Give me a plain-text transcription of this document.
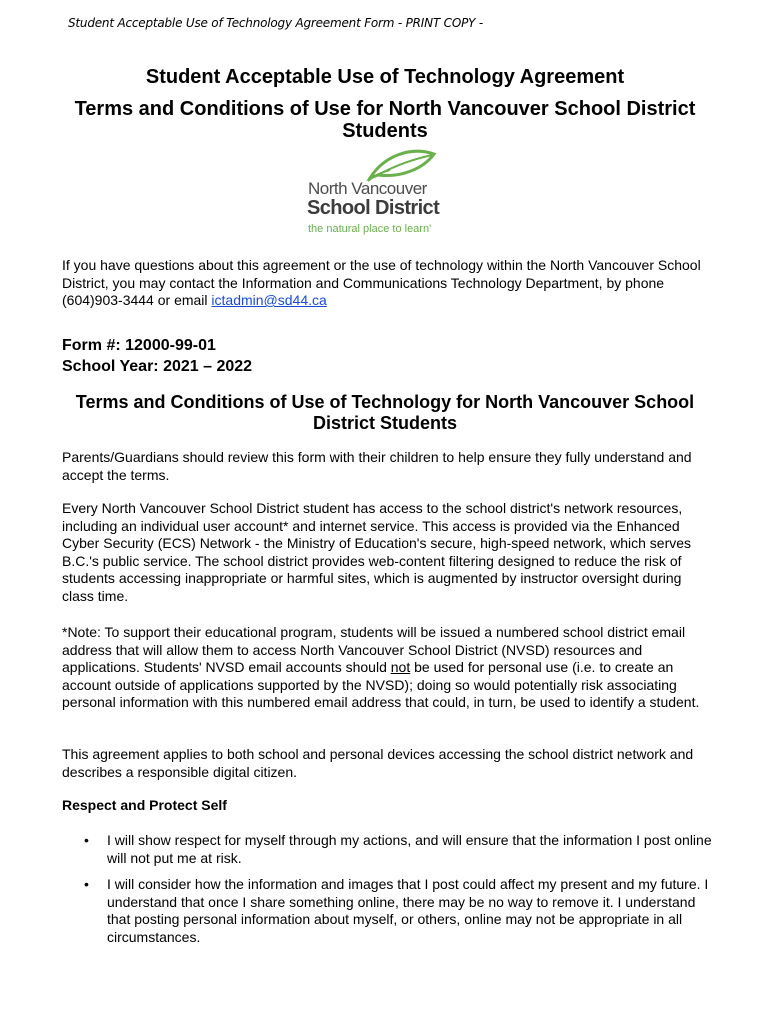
Student Acceptable Use of Technology Agreement Form - PRINT COPY -
Student Acceptable Use of Technology Agreement
Terms and Conditions of Use for North Vancouver School District Students
North Vancouver
School District
the natural place to learn'
If you have questions about this agreement or the use of technology within the North Vancouver School District, you may contact the Information and Communications Technology Department, by phone (604)903-3444 or email ictadmin@sd44.ca
Form #: 12000-99-01
School Year: 2021 – 2022
Terms and Conditions of Use of Technology for North Vancouver School District Students
Parents/Guardians should review this form with their children to help ensure they fully understand and accept the terms.
Every North Vancouver School District student has access to the school district's network resources, including an individual user account* and internet service. This access is provided via the Enhanced Cyber Security (ECS) Network - the Ministry of Education's secure, high-speed network, which serves B.C.'s public service. The school district provides web-content filtering designed to reduce the risk of students accessing inappropriate or harmful sites, which is augmented by instructor oversight during class time.
*Note: To support their educational program, students will be issued a numbered school district email address that will allow them to access North Vancouver School District (NVSD) resources and applications. Students' NVSD email accounts should not be used for personal use (i.e. to create an account outside of applications supported by the NVSD); doing so would potentially risk associating personal information with this numbered email address that could, in turn, be used to identify a student.
This agreement applies to both school and personal devices accessing the school district network and describes a responsible digital citizen.
Respect and Protect Self
• I will show respect for myself through my actions, and will ensure that the information I post online will not put me at risk.
• I will consider how the information and images that I post could affect my present and my future. I understand that once I share something online, there may be no way to remove it. I understand that posting personal information about myself, or others, online may not be appropriate in all circumstances.
